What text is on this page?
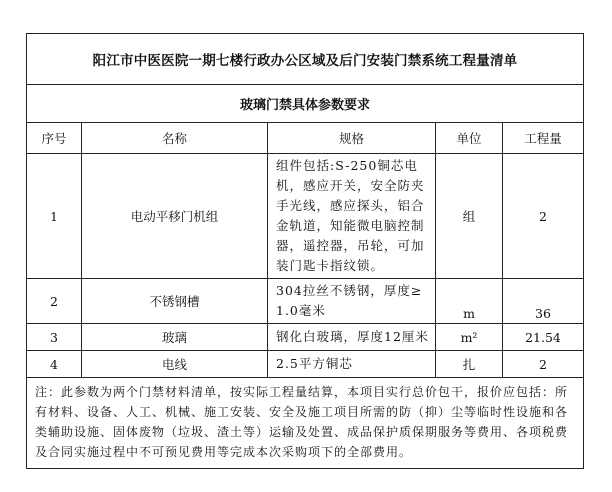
阳江市中医医院一期七楼行政办公区域及后门安装门禁系统工程量清单				
玻璃门禁具体参数要求				
序号	名称	规格	单位	工程量
1	电动平移门机组	组件包括:S-250铜芯电机，感应开关，安全防夹手光线，感应探头，铝合金轨道，知能微电脑控制器，遥控器，吊轮，可加装门匙卡指纹锁。	组	2
2	不锈钢槽	304拉丝不锈钢，厚度≥1.0毫米	m	36
3	玻璃	钢化白玻璃，厚度12厘米	m²	21.54
4	电线	2.5平方铜芯	扎	2
注：此参数为两个门禁材料清单，按实际工程量结算，本项目实行总价包干，报价应包括：所有材料、设备、人工、机械、施工安装、安全及施工项目所需的防（抑）尘等临时性设施和各类辅助设施、固体废物（垃圾、渣土等）运输及处置、成品保护质保期服务等费用、各项税费及合同实施过程中不可预见费用等完成本次采购项下的全部费用。				
